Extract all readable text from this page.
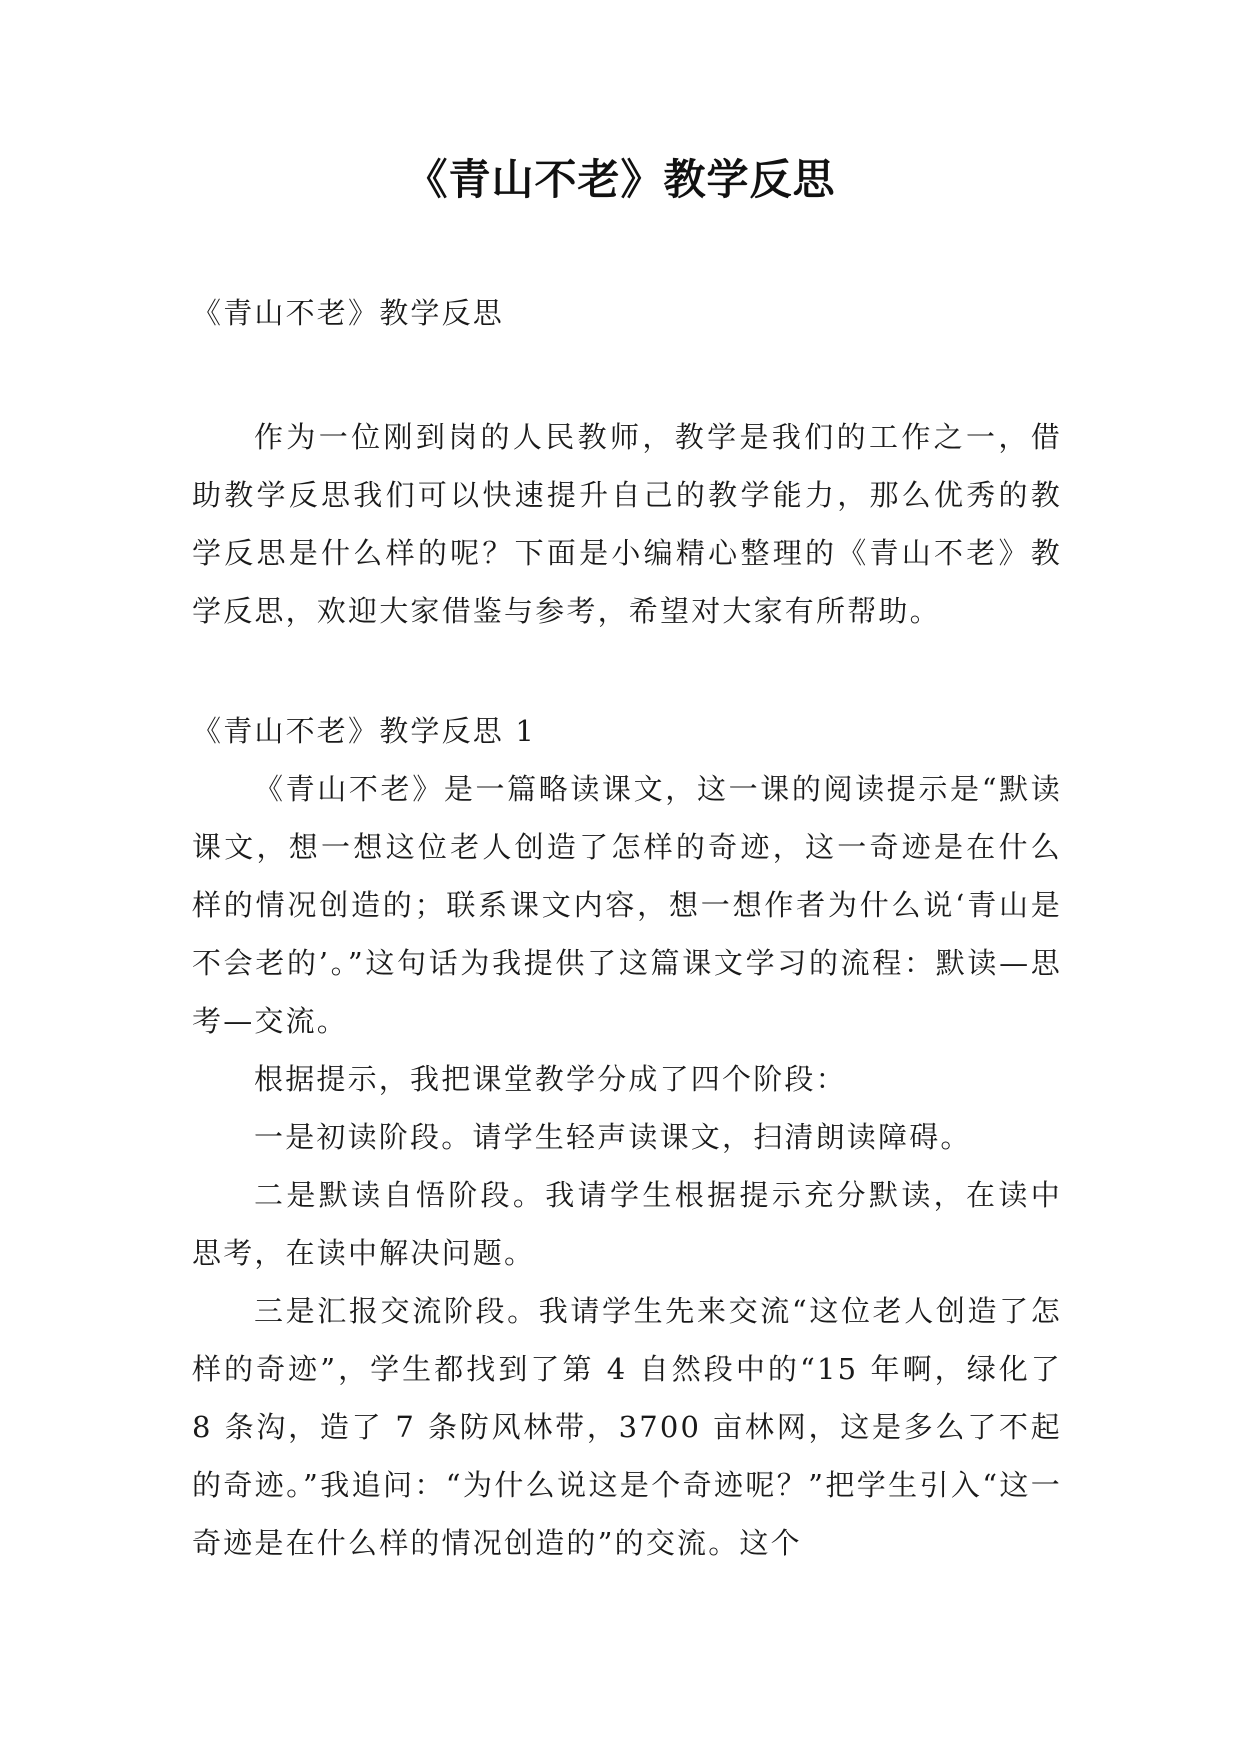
《青山不老》教学反思

《青山不老》教学反思

作为一位刚到岗的人民教师，教学是我们的工作之一，借助教学反思我们可以快速提升自己的教学能力，那么优秀的教学反思是什么样的呢？下面是小编精心整理的《青山不老》教学反思，欢迎大家借鉴与参考，希望对大家有所帮助。

《青山不老》教学反思 1

《青山不老》是一篇略读课文，这一课的阅读提示是“默读课文，想一想这位老人创造了怎样的奇迹，这一奇迹是在什么样的情况创造的；联系课文内容，想一想作者为什么说‘青山是不会老的’。”这句话为我提供了这篇课文学习的流程：默读—思考—交流。

根据提示，我把课堂教学分成了四个阶段：

一是初读阶段。请学生轻声读课文，扫清朗读障碍。

二是默读自悟阶段。我请学生根据提示充分默读，在读中思考，在读中解决问题。

三是汇报交流阶段。我请学生先来交流“这位老人创造了怎样的奇迹”，学生都找到了第 4 自然段中的“15 年啊，绿化了 8 条沟，造了 7 条防风林带，3700 亩林网，这是多么了不起的奇迹。”我追问：“为什么说这是个奇迹呢？”把学生引入“这一奇迹是在什么样的情况创造的”的交流。这个
